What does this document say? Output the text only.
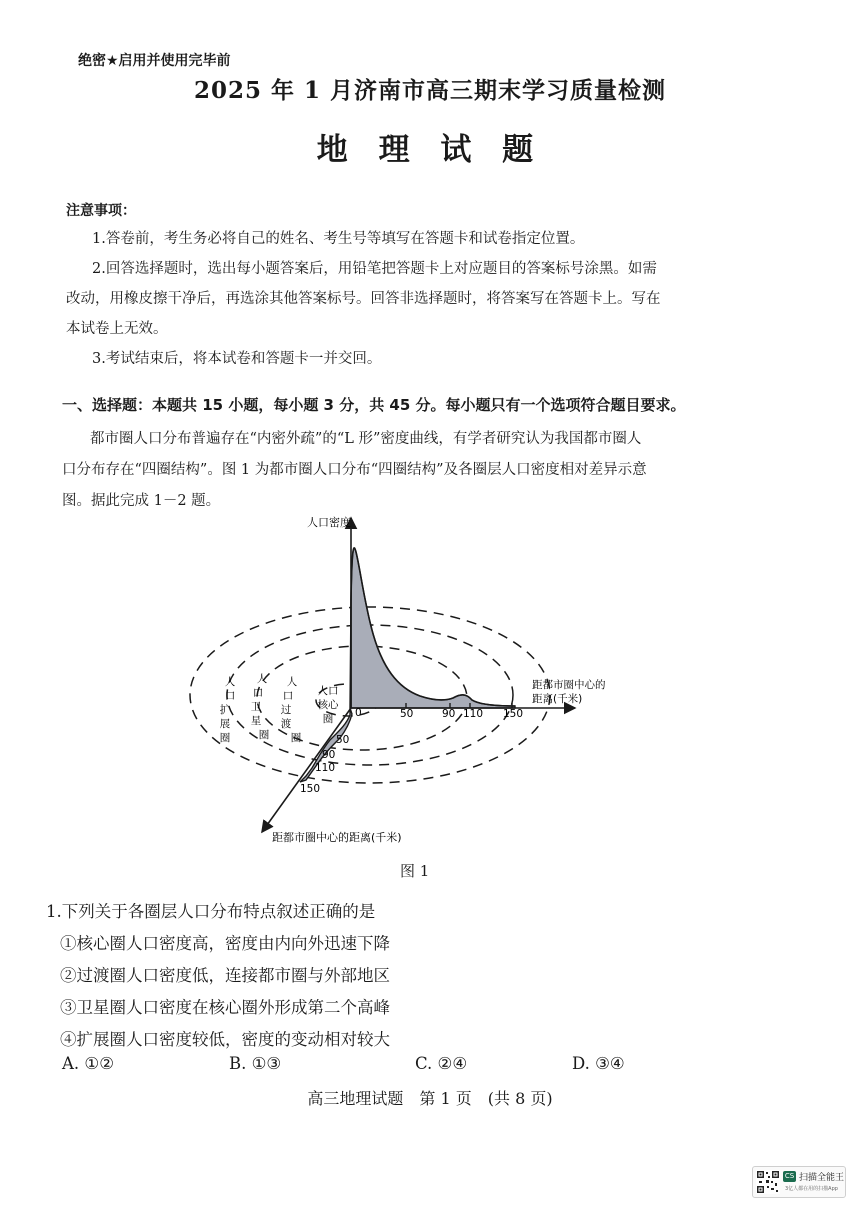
绝密★启用并使用完毕前
2025 年 1 月济南市高三期末学习质量检测
地 理 试 题
注意事项：
1.答卷前，考生务必将自己的姓名、考生号等填写在答题卡和试卷指定位置。
2.回答选择题时，选出每小题答案后，用铅笔把答题卡上对应题目的答案标号涂黑。如需
改动，用橡皮擦干净后，再选涂其他答案标号。回答非选择题时，将答案写在答题卡上。写在
本试卷上无效。
3.考试结束后，将本试卷和答题卡一并交回。
一、选择题：本题共 15 小题，每小题 3 分，共 45 分。每小题只有一个选项符合题目要求。
都市圈人口分布普遍存在“内密外疏”的“L 形”密度曲线，有学者研究认为我国都市圈人
口分布存在“四圈结构”。图 1 为都市圈人口分布“四圈结构”及各圈层人口密度相对差异示意
图。据此完成 1－2 题。
人口密度
距都市圈中心的
距离(千米)
距都市圈中心的距离(千米)
0	50	90 110 150
50
90
110
150
人
口
扩
展
圈
人
口
卫
星
圈
人
口
过
渡
圈
人口
核心
圈
图 1
1.下列关于各圈层人口分布特点叙述正确的是
①核心圈人口密度高，密度由内向外迅速下降
②过渡圈人口密度低，连接都市圈与外部地区
③卫星圈人口密度在核心圈外形成第二个高峰
④扩展圈人口密度较低，密度的变动相对较大
A. ①②	B. ①③	C. ②④	D. ③④
高三地理试题　第 1 页　(共 8 页)
CS 扫描全能王
3亿人都在用的扫描App
